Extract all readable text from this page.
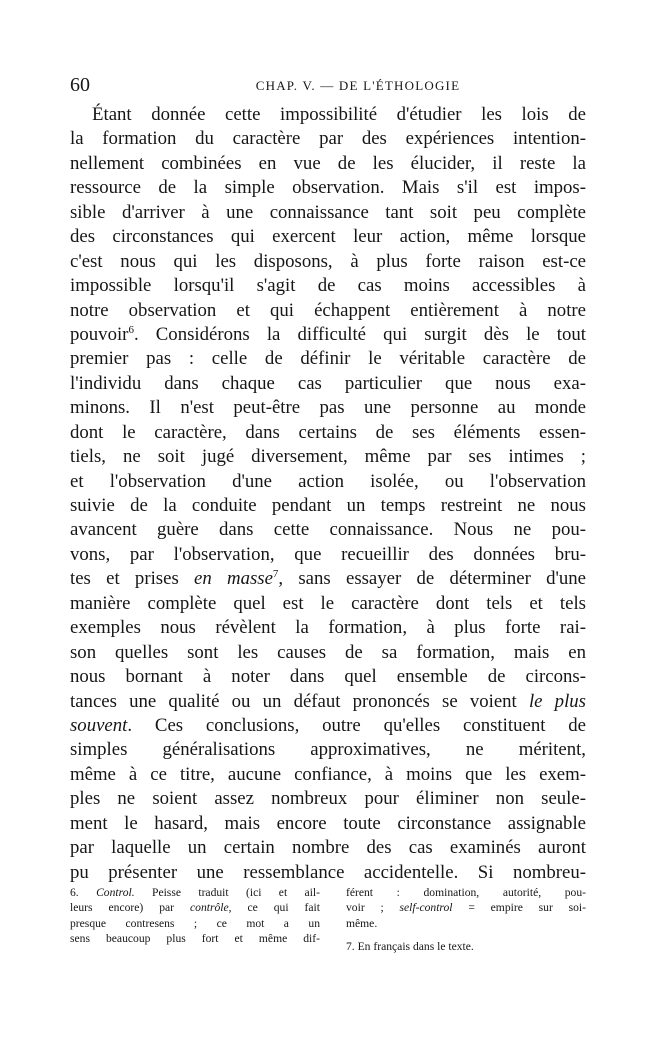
60	CHAP. V. — DE L'ÉTHOLOGIE
Étant donnée cette impossibilité d'étudier les lois de
la formation du caractère par des expériences intention-
nellement combinées en vue de les élucider, il reste la
ressource de la simple observation. Mais s'il est impos-
sible d'arriver à une connaissance tant soit peu complète
des circonstances qui exercent leur action, même lorsque
c'est nous qui les disposons, à plus forte raison est-ce
impossible lorsqu'il s'agit de cas moins accessibles à
notre observation et qui échappent entièrement à notre
pouvoir$^6$. Considérons la difficulté qui surgit dès le tout
premier pas : celle de définir le véritable caractère de
l'individu dans chaque cas particulier que nous exa-
minons. Il n'est peut-être pas une personne au monde
dont le caractère, dans certains de ses éléments essen-
tiels, ne soit jugé diversement, même par ses intimes ;
et l'observation d'une action isolée, ou l'observation
suivie de la conduite pendant un temps restreint ne nous
avancent guère dans cette connaissance. Nous ne pou-
vons, par l'observation, que recueillir des données bru-
tes et prises en masse$^7$, sans essayer de déterminer d'une
manière complète quel est le caractère dont tels et tels
exemples nous révèlent la formation, à plus forte rai-
son quelles sont les causes de sa formation, mais en
nous bornant à noter dans quel ensemble de circons-
tances une qualité ou un défaut prononcés se voient le plus
souvent. Ces conclusions, outre qu'elles constituent de
simples généralisations approximatives, ne méritent,
même à ce titre, aucune confiance, à moins que les exem-
ples ne soient assez nombreux pour éliminer non seule-
ment le hasard, mais encore toute circonstance assignable
par laquelle un certain nombre des cas examinés auront
pu présenter une ressemblance accidentelle. Si nombreu-
6. Control. Peisse traduit (ici et ail-
leurs encore) par contrôle, ce qui fait
presque contresens ; ce mot a un
sens beaucoup plus fort et même dif-
férent : domination, autorité, pou-
voir ; self-control = empire sur soi-
même.
7. En français dans le texte.
